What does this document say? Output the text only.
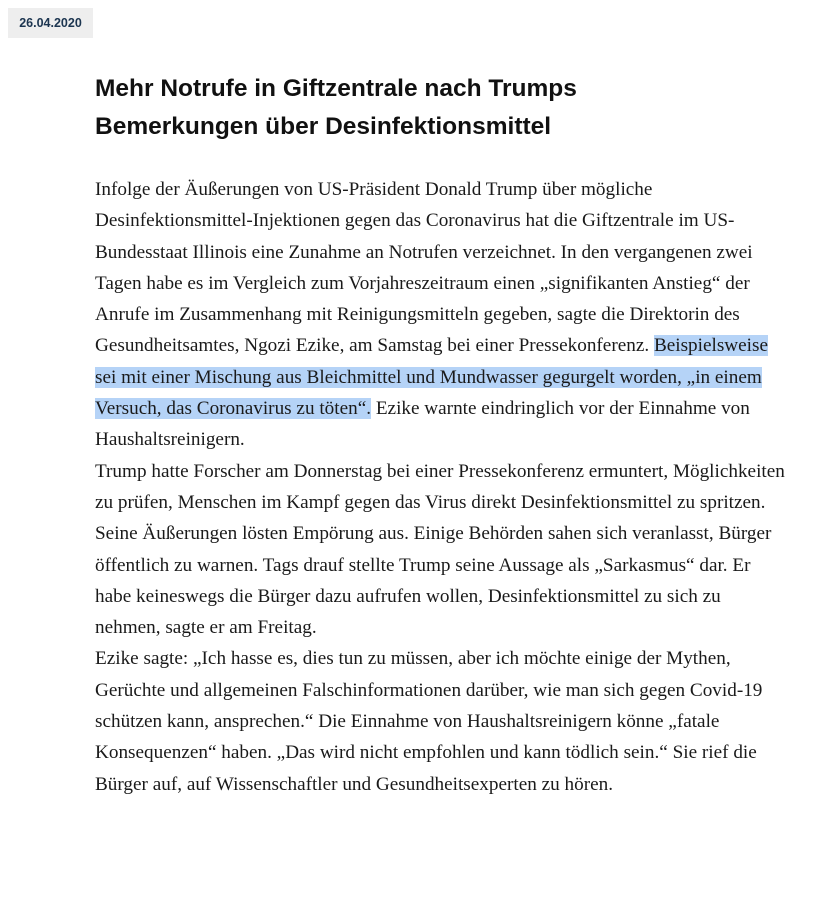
26.04.2020
Mehr Notrufe in Giftzentrale nach Trumps
Bemerkungen über Desinfektionsmittel

Infolge der Äußerungen von US-Präsident Donald Trump über mögliche Desinfektionsmittel-Injektionen gegen das Coronavirus hat die Giftzentrale im US-Bundesstaat Illinois eine Zunahme an Notrufen verzeichnet. In den vergangenen zwei Tagen habe es im Vergleich zum Vorjahreszeitraum einen „signifikanten Anstieg“ der Anrufe im Zusammenhang mit Reinigungsmitteln gegeben, sagte die Direktorin des Gesundheitsamtes, Ngozi Ezike, am Samstag bei einer Pressekonferenz. Beispielsweise sei mit einer Mischung aus Bleichmittel und Mundwasser gegurgelt worden, „in einem Versuch, das Coronavirus zu töten“. Ezike warnte eindringlich vor der Einnahme von Haushaltsreinigern.

Trump hatte Forscher am Donnerstag bei einer Pressekonferenz ermuntert, Möglichkeiten zu prüfen, Menschen im Kampf gegen das Virus direkt Desinfektionsmittel zu spritzen. Seine Äußerungen lösten Empörung aus. Einige Behörden sahen sich veranlasst, Bürger öffentlich zu warnen. Tags drauf stellte Trump seine Aussage als „Sarkasmus“ dar. Er habe keineswegs die Bürger dazu aufrufen wollen, Desinfektionsmittel zu sich zu nehmen, sagte er am Freitag.

Ezike sagte: „Ich hasse es, dies tun zu müssen, aber ich möchte einige der Mythen, Gerüchte und allgemeinen Falschinformationen darüber, wie man sich gegen Covid-19 schützen kann, ansprechen.“ Die Einnahme von Haushaltsreinigern könne „fatale Konsequenzen“ haben. „Das wird nicht empfohlen und kann tödlich sein.“ Sie rief die Bürger auf, auf Wissenschaftler und Gesundheitsexperten zu hören.
